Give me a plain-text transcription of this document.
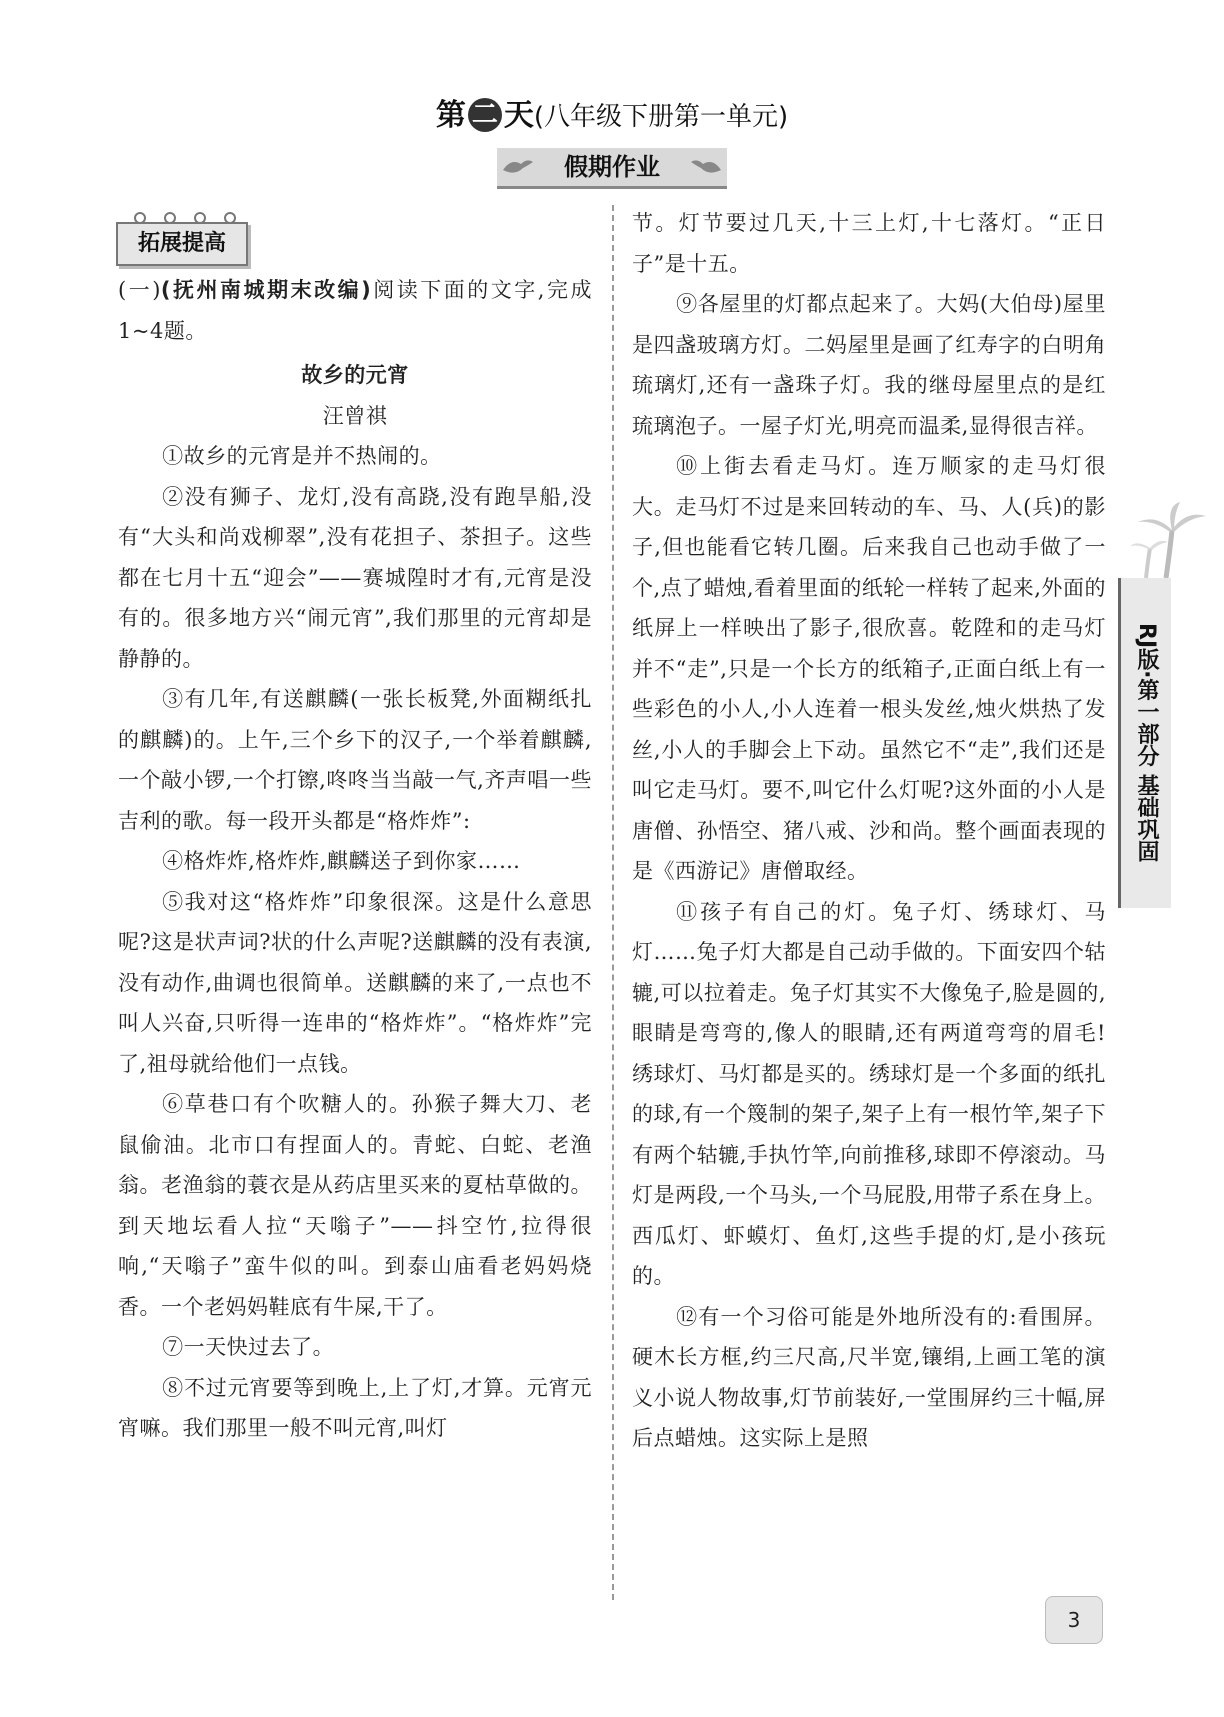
第 二 天(八年级下册第一单元)
假期作业
拓展提高

(一)(抚州南城期末改编)阅读下面的文字,完成1~4题。

故乡的元宵

汪曾祺

①故乡的元宵是并不热闹的。

②没有狮子、龙灯,没有高跷,没有跑旱船,没有“大头和尚戏柳翠”,没有花担子、茶担子。这些都在七月十五“迎会”——赛城隍时才有,元宵是没有的。很多地方兴“闹元宵”,我们那里的元宵却是静静的。

③有几年,有送麒麟(一张长板凳,外面糊纸扎的麒麟)的。上午,三个乡下的汉子,一个举着麒麟,一个敲小锣,一个打镲,咚咚当当敲一气,齐声唱一些吉利的歌。每一段开头都是“格炸炸”:

④格炸炸,格炸炸,麒麟送子到你家……

⑤我对这“格炸炸”印象很深。这是什么意思呢?这是状声词?状的什么声呢?送麒麟的没有表演,没有动作,曲调也很简单。送麒麟的来了,一点也不叫人兴奋,只听得一连串的“格炸炸”。“格炸炸”完了,祖母就给他们一点钱。

⑥草巷口有个吹糖人的。孙猴子舞大刀、老鼠偷油。北市口有捏面人的。青蛇、白蛇、老渔翁。老渔翁的蓑衣是从药店里买来的夏枯草做的。到天地坛看人拉“天嗡子”——抖空竹,拉得很响,“天嗡子”蛮牛似的叫。到泰山庙看老妈妈烧香。一个老妈妈鞋底有牛屎,干了。

⑦一天快过去了。

⑧不过元宵要等到晚上,上了灯,才算。元宵元宵嘛。我们那里一般不叫元宵,叫灯

节。灯节要过几天,十三上灯,十七落灯。“正日子”是十五。

⑨各屋里的灯都点起来了。大妈(大伯母)屋里是四盏玻璃方灯。二妈屋里是画了红寿字的白明角琉璃灯,还有一盏珠子灯。我的继母屋里点的是红琉璃泡子。一屋子灯光,明亮而温柔,显得很吉祥。

⑩上街去看走马灯。连万顺家的走马灯很大。走马灯不过是来回转动的车、马、人(兵)的影子,但也能看它转几圈。后来我自己也动手做了一个,点了蜡烛,看着里面的纸轮一样转了起来,外面的纸屏上一样映出了影子,很欣喜。乾陞和的走马灯并不“走”,只是一个长方的纸箱子,正面白纸上有一些彩色的小人,小人连着一根头发丝,烛火烘热了发丝,小人的手脚会上下动。虽然它不“走”,我们还是叫它走马灯。要不,叫它什么灯呢?这外面的小人是唐僧、孙悟空、猪八戒、沙和尚。整个画面表现的是《西游记》唐僧取经。

⑪孩子有自己的灯。兔子灯、绣球灯、马灯……兔子灯大都是自己动手做的。下面安四个轱辘,可以拉着走。兔子灯其实不大像兔子,脸是圆的,眼睛是弯弯的,像人的眼睛,还有两道弯弯的眉毛!绣球灯、马灯都是买的。绣球灯是一个多面的纸扎的球,有一个篾制的架子,架子上有一根竹竿,架子下有两个轱辘,手执竹竿,向前推移,球即不停滚动。马灯是两段,一个马头,一个马屁股,用带子系在身上。西瓜灯、虾蟆灯、鱼灯,这些手提的灯,是小孩玩的。

⑫有一个习俗可能是外地所没有的:看围屏。硬木长方框,约三尺高,尺半宽,镶绢,上画工笔的演义小说人物故事,灯节前装好,一堂围屏约三十幅,屏后点蜡烛。这实际上是照

RJ版·第一部分 基础巩固
3
